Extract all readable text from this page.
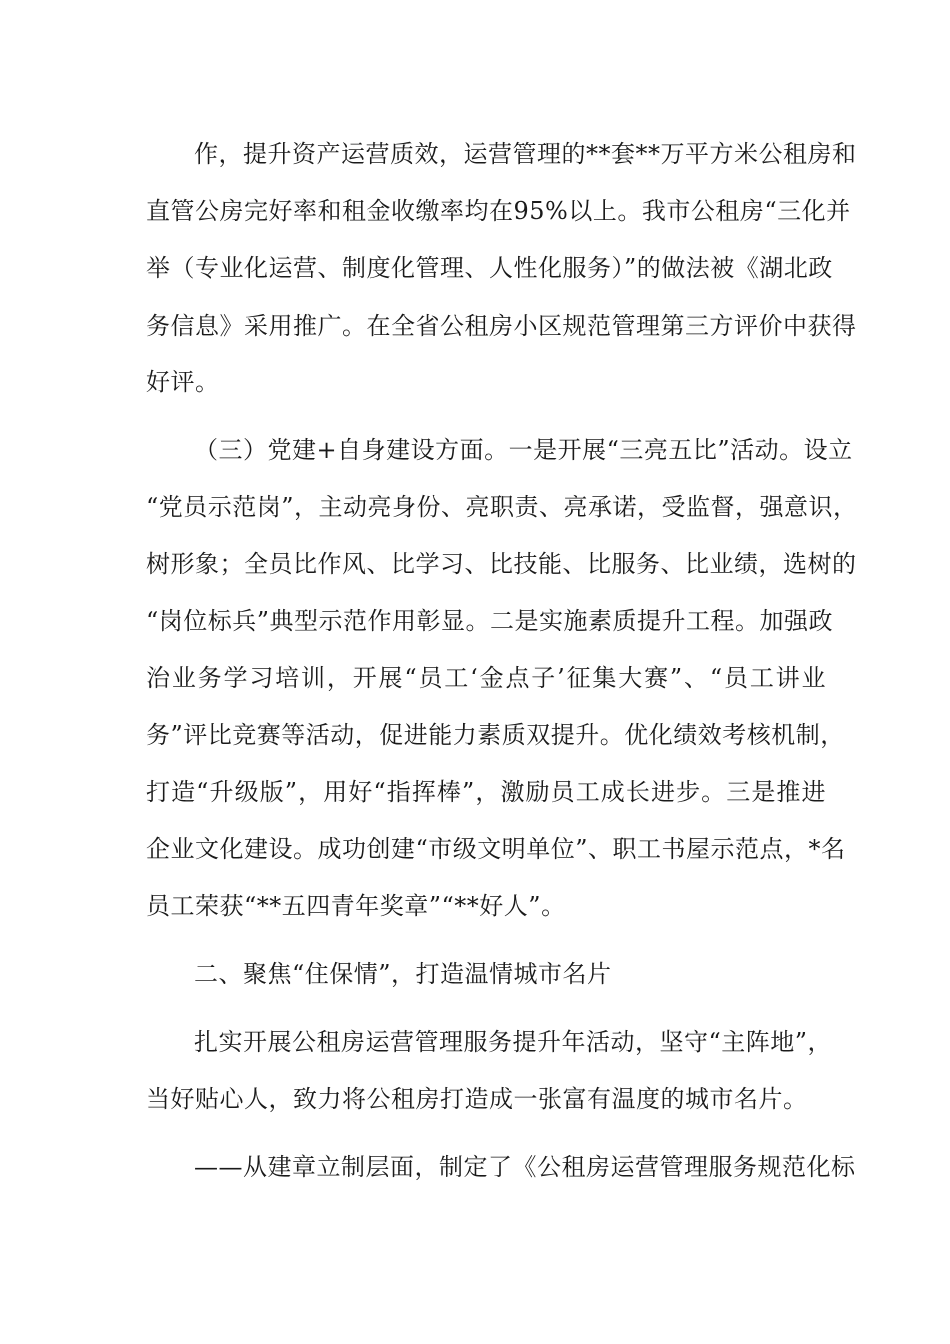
作，提升资产运营质效，运营管理的**套**万平方米公租房和
直管公房完好率和租金收缴率均在95%以上。我市公租房“三化并
举（专业化运营、制度化管理、人性化服务）”的做法被《湖北政
务信息》采用推广。在全省公租房小区规范管理第三方评价中获得
好评。
（三）党建+自身建设方面。一是开展“三亮五比”活动。设立
“党员示范岗”，主动亮身份、亮职责、亮承诺，受监督，强意识，
树形象；全员比作风、比学习、比技能、比服务、比业绩，选树的
“岗位标兵”典型示范作用彰显。二是实施素质提升工程。加强政
治业务学习培训，开展“员工‘金点子’征集大赛”、“员工讲业
务”评比竞赛等活动，促进能力素质双提升。优化绩效考核机制，
打造“升级版”，用好“指挥棒”，激励员工成长进步。三是推进
企业文化建设。成功创建“市级文明单位”、职工书屋示范点，*名
员工荣获“**五四青年奖章”“**好人”。
二、聚焦“住保情”，打造温情城市名片
扎实开展公租房运营管理服务提升年活动，坚守“主阵地”，
当好贴心人，致力将公租房打造成一张富有温度的城市名片。
——从建章立制层面，制定了《公租房运营管理服务规范化标
